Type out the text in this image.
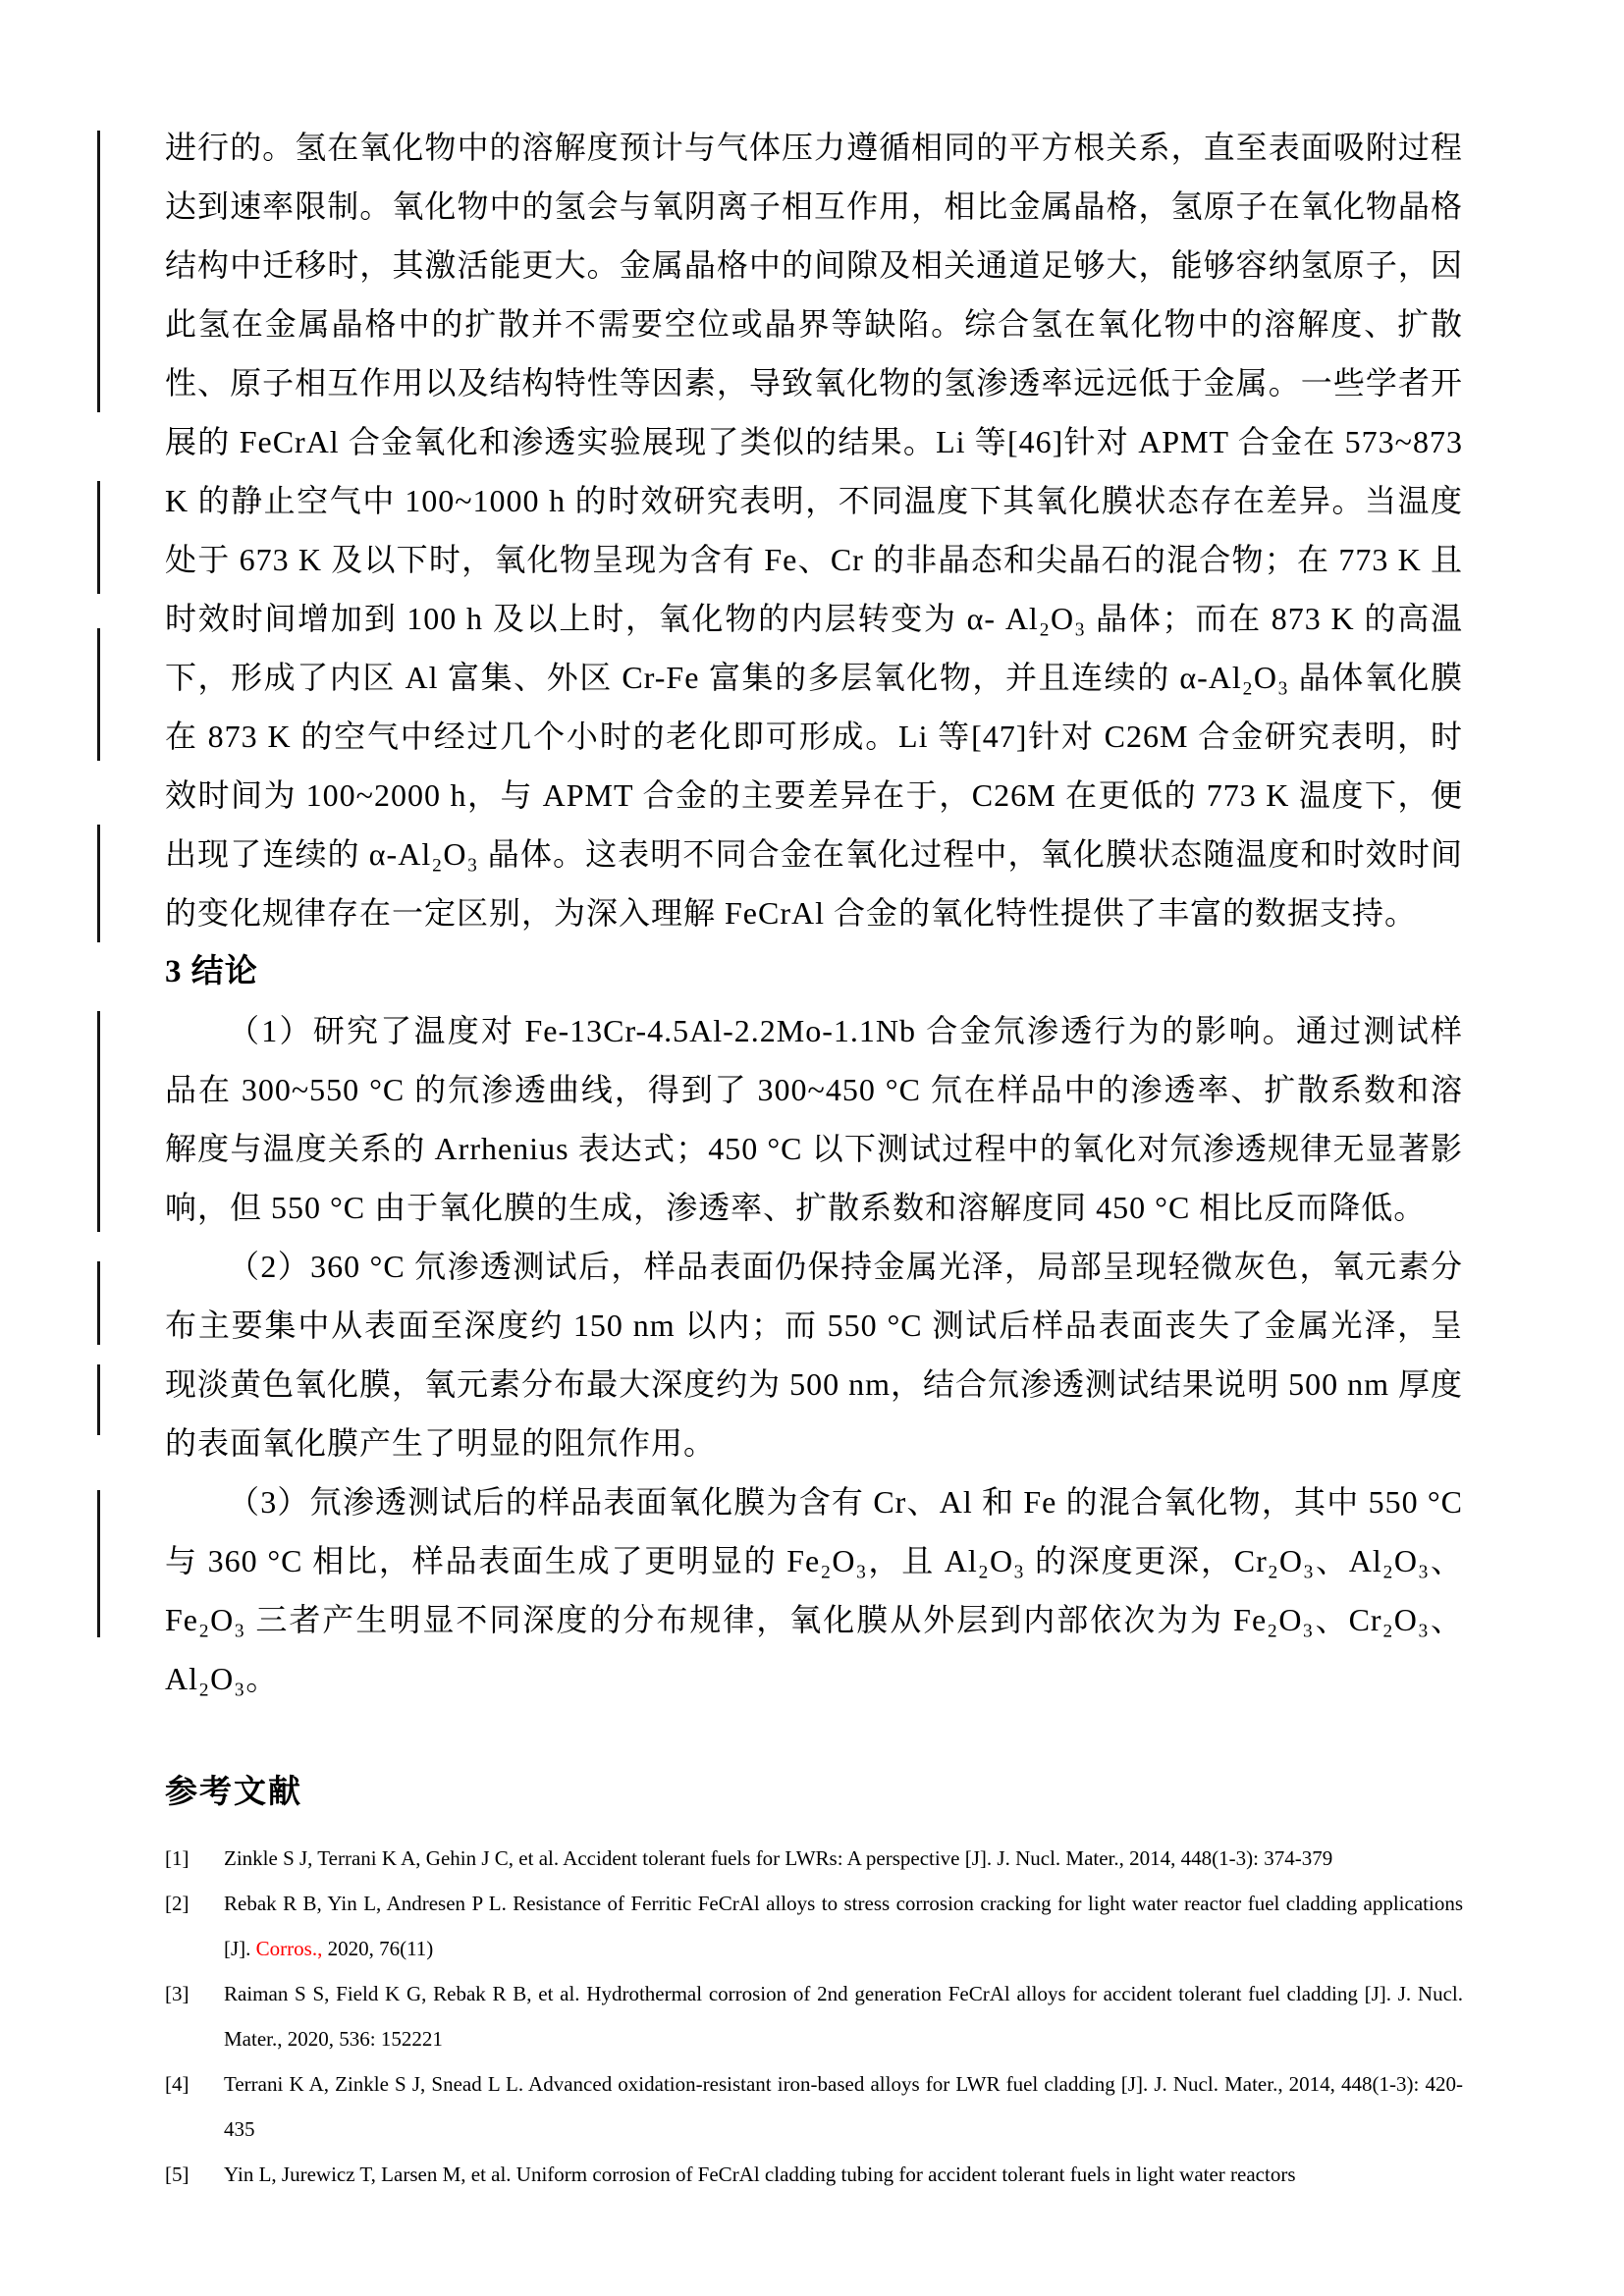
进行的。氢在氧化物中的溶解度预计与气体压力遵循相同的平方根关系，直至表面吸附过程达到速率限制。氧化物中的氢会与氧阴离子相互作用，相比金属晶格，氢原子在氧化物晶格结构中迁移时，其激活能更大。金属晶格中的间隙及相关通道足够大，能够容纳氢原子，因此氢在金属晶格中的扩散并不需要空位或晶界等缺陷。综合氢在氧化物中的溶解度、扩散性、原子相互作用以及结构特性等因素，导致氧化物的氢渗透率远远低于金属。一些学者开展的 FeCrAl 合金氧化和渗透实验展现了类似的结果。Li 等[46]针对 APMT 合金在 573~873 K 的静止空气中 100~1000 h 的时效研究表明，不同温度下其氧化膜状态存在差异。当温度处于 673 K 及以下时，氧化物呈现为含有 Fe、Cr 的非晶态和尖晶石的混合物；在 773 K 且时效时间增加到 100 h 及以上时，氧化物的内层转变为 α- Al₂O₃ 晶体；而在 873 K 的高温下，形成了内区 Al 富集、外区 Cr-Fe 富集的多层氧化物，并且连续的 α-Al₂O₃ 晶体氧化膜在 873 K 的空气中经过几个小时的老化即可形成。Li 等[47]针对 C26M 合金研究表明，时效时间为 100~2000 h，与 APMT 合金的主要差异在于，C26M 在更低的 773 K 温度下，便出现了连续的 α-Al₂O₃ 晶体。这表明不同合金在氧化过程中，氧化膜状态随温度和时效时间的变化规律存在一定区别，为深入理解 FeCrAl 合金的氧化特性提供了丰富的数据支持。

3 结论

（1）研究了温度对 Fe-13Cr-4.5Al-2.2Mo-1.1Nb 合金氘渗透行为的影响。通过测试样品在 300~550 °C 的氘渗透曲线，得到了 300~450 °C 氘在样品中的渗透率、扩散系数和溶解度与温度关系的 Arrhenius 表达式；450 °C 以下测试过程中的氧化对氘渗透规律无显著影响，但 550 °C 由于氧化膜的生成，渗透率、扩散系数和溶解度同 450 °C 相比反而降低。

（2）360 °C 氘渗透测试后，样品表面仍保持金属光泽，局部呈现轻微灰色，氧元素分布主要集中从表面至深度约 150 nm 以内；而 550 °C 测试后样品表面丧失了金属光泽，呈现淡黄色氧化膜，氧元素分布最大深度约为 500 nm，结合氘渗透测试结果说明 500 nm 厚度的表面氧化膜产生了明显的阻氘作用。

（3）氘渗透测试后的样品表面氧化膜为含有 Cr、Al 和 Fe 的混合氧化物，其中 550 °C 与 360 °C 相比，样品表面生成了更明显的 Fe₂O₃，且 Al₂O₃ 的深度更深，Cr₂O₃、Al₂O₃、Fe₂O₃ 三者产生明显不同深度的分布规律，氧化膜从外层到内部依次为为 Fe₂O₃、Cr₂O₃、Al₂O₃。

参考文献
[1]	Zinkle S J, Terrani K A, Gehin J C, et al. Accident tolerant fuels for LWRs: A perspective [J]. J. Nucl. Mater., 2014, 448(1-3): 374-379
[2]	Rebak R B, Yin L, Andresen P L. Resistance of Ferritic FeCrAl alloys to stress corrosion cracking for light water reactor fuel cladding applications [J]. Corros., 2020, 76(11)
[3]	Raiman S S, Field K G, Rebak R B, et al. Hydrothermal corrosion of 2nd generation FeCrAl alloys for accident tolerant fuel cladding [J]. J. Nucl. Mater., 2020, 536: 152221
[4]	Terrani K A, Zinkle S J, Snead L L. Advanced oxidation-resistant iron-based alloys for LWR fuel cladding [J]. J. Nucl. Mater., 2014, 448(1-3): 420-435
[5]	Yin L, Jurewicz T, Larsen M, et al. Uniform corrosion of FeCrAl cladding tubing for accident tolerant fuels in light water reactors
